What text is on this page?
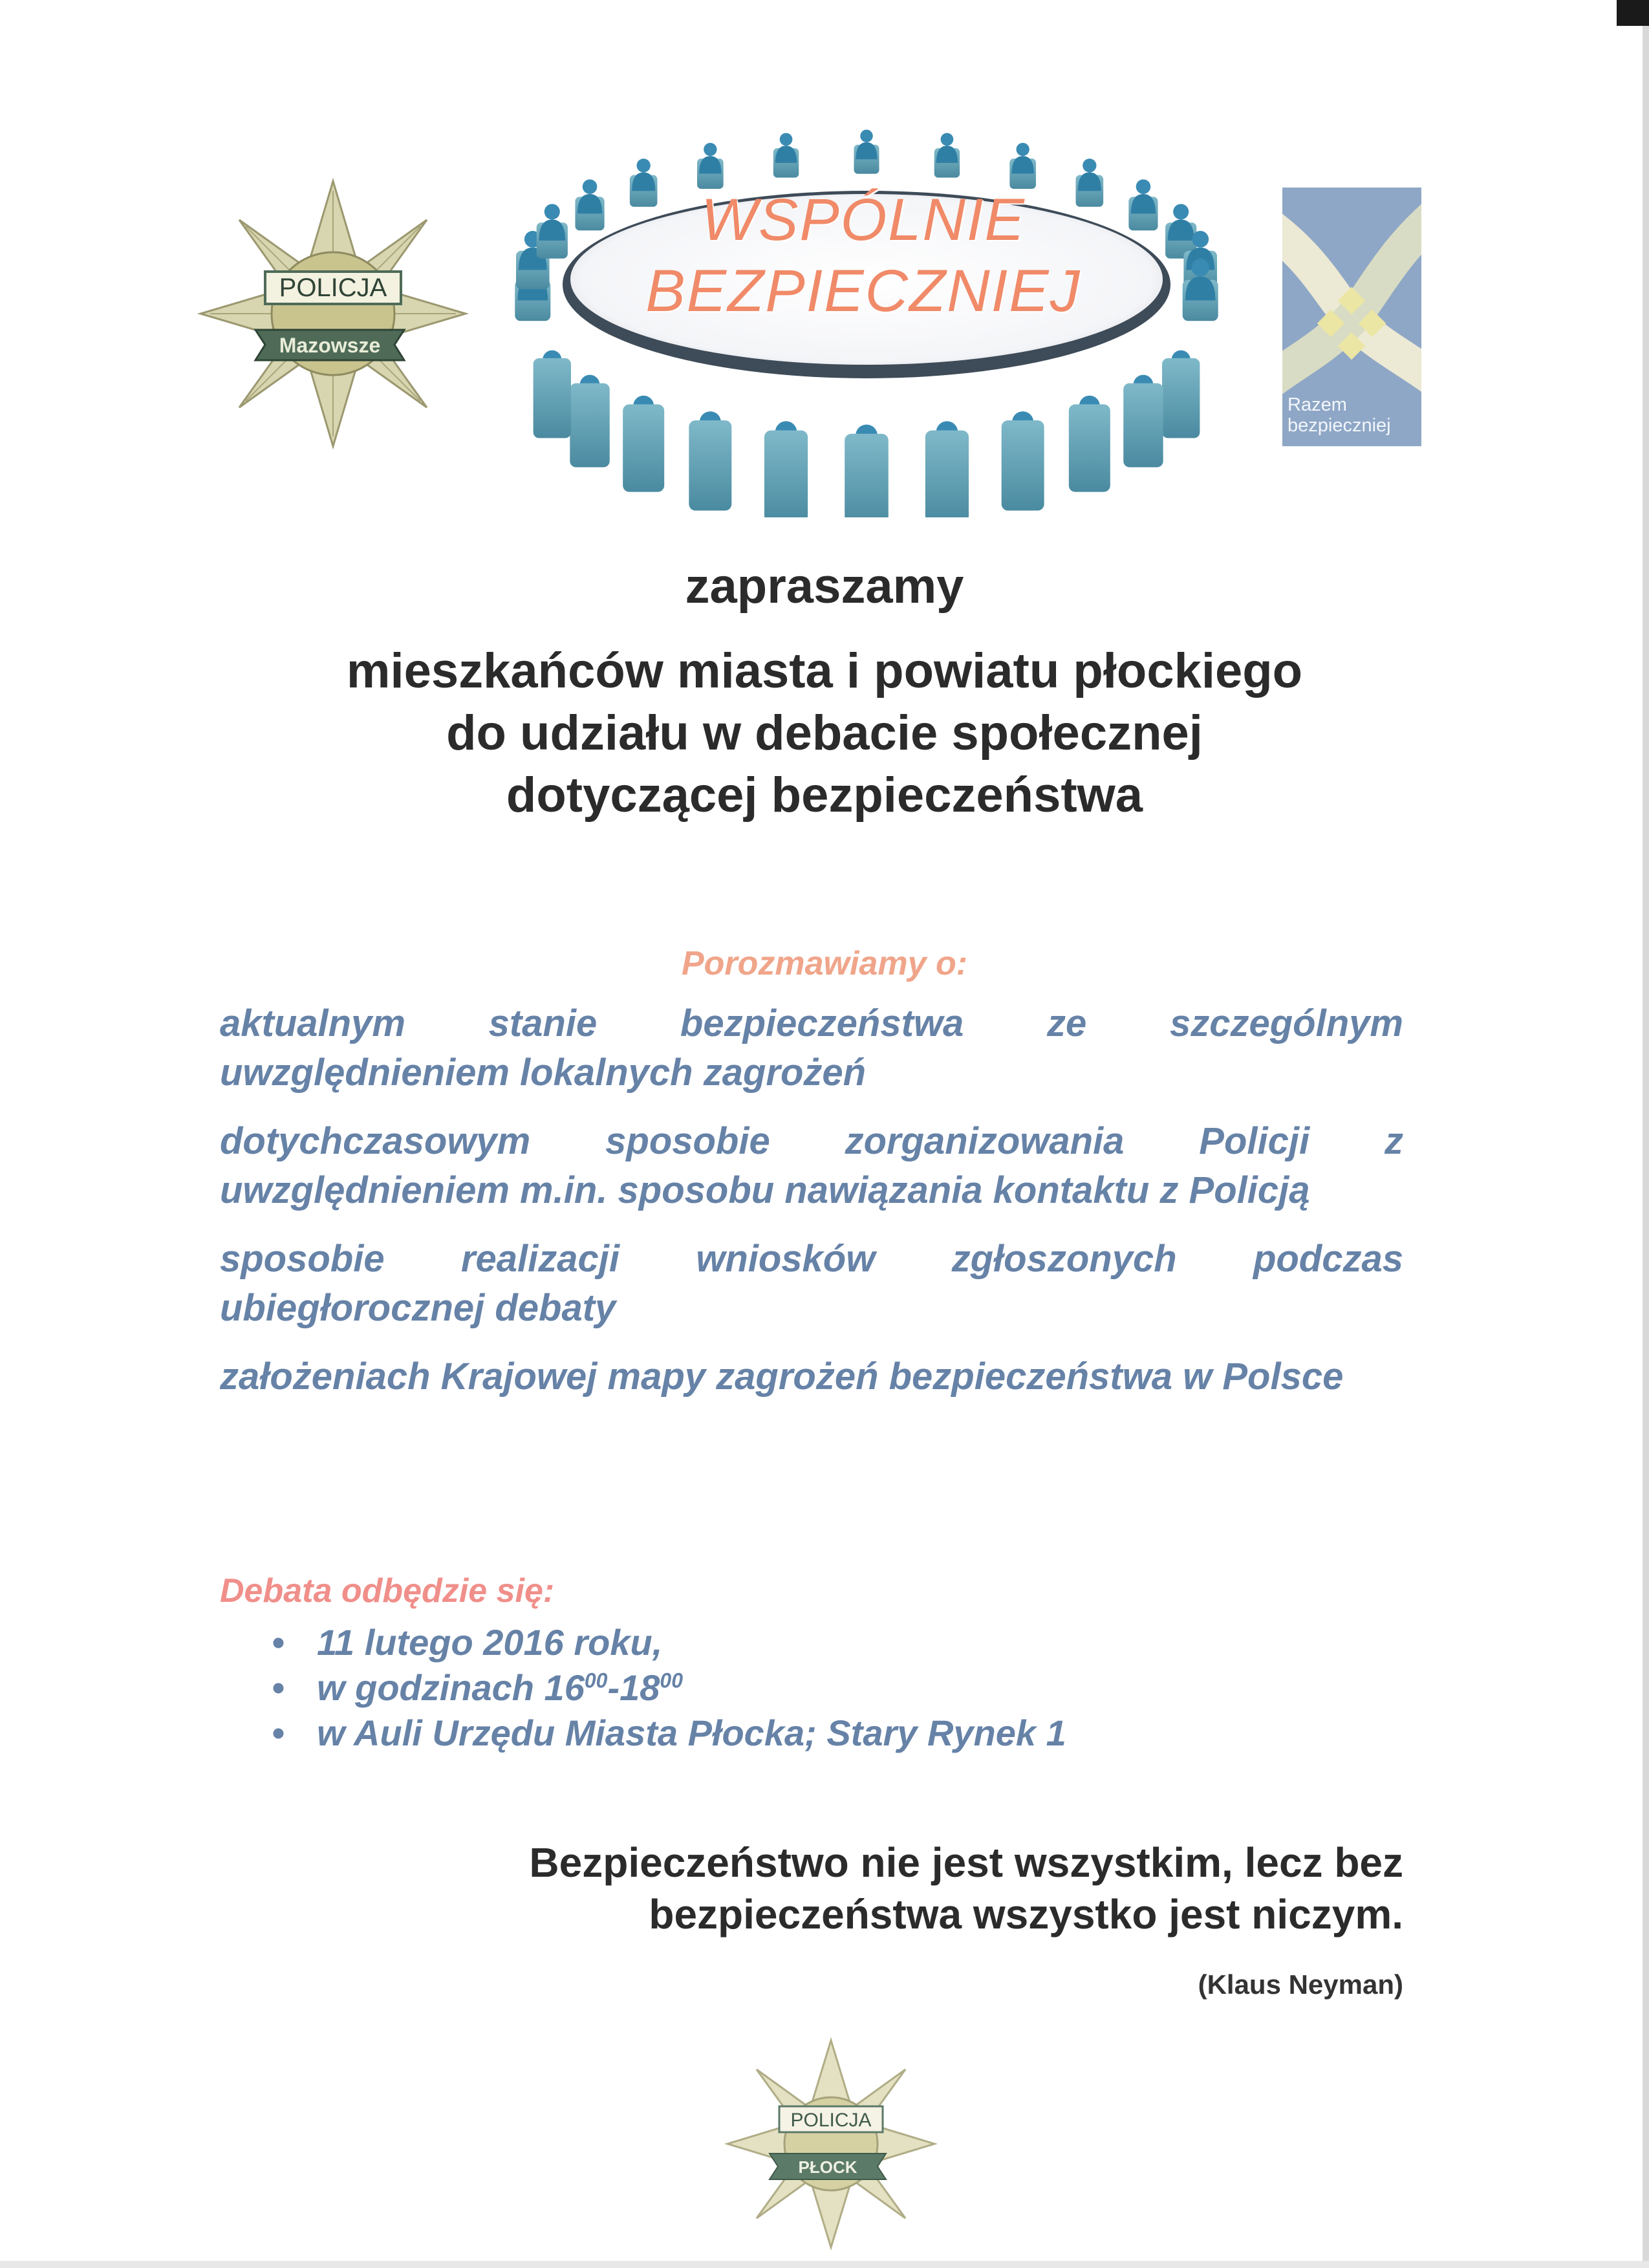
POLICJA
Mazowsze
WSPÓLNIE
BEZPIECZNIEJ
Razem
bezpieczniej
zapraszamy
mieszkańców miasta i powiatu płockiego
do udziału w debacie społecznej
dotyczącej bezpieczeństwa
Porozmawiamy o:
aktualnym stanie bezpieczeństwa ze szczególnym uwzględnieniem lokalnych zagrożeń
dotychczasowym sposobie zorganizowania Policji z uwzględnieniem m.in. sposobu nawiązania kontaktu z Policją
sposobie realizacji wniosków zgłoszonych podczas ubiegłorocznej debaty
założeniach Krajowej mapy zagrożeń bezpieczeństwa w Polsce
Debata odbędzie się:
• 11 lutego 2016 roku,
• w godzinach $16^{00}-18^{00}$
• w Auli Urzędu Miasta Płocka; Stary Rynek 1
Bezpieczeństwo nie jest wszystkim, lecz bez
bezpieczeństwa wszystko jest niczym.
(Klaus Neyman)
POLICJA
PŁOCK
